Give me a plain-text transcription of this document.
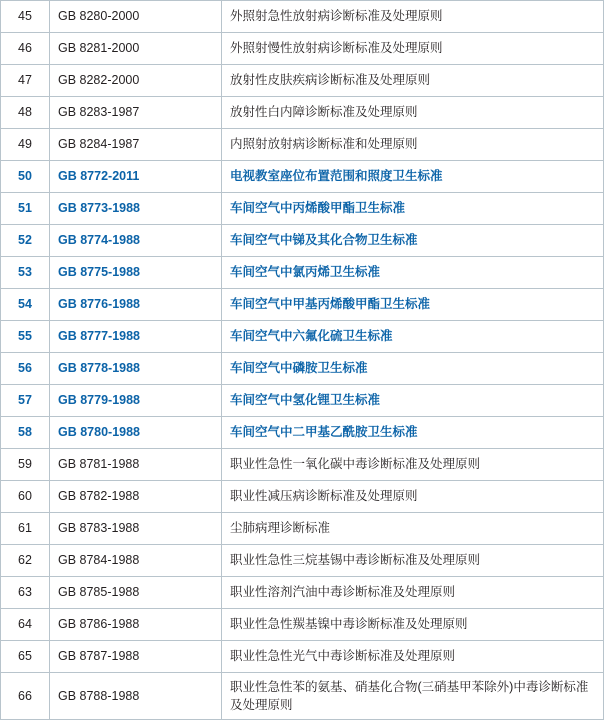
45	GB 8280-2000	外照射急性放射病诊断标准及处理原则
46	GB 8281-2000	外照射慢性放射病诊断标准及处理原则
47	GB 8282-2000	放射性皮肤疾病诊断标准及处理原则
48	GB 8283-1987	放射性白内障诊断标准及处理原则
49	GB 8284-1987	内照射放射病诊断标准和处理原则
50	GB 8772-2011	电视教室座位布置范围和照度卫生标准
51	GB 8773-1988	车间空气中丙烯酸甲酯卫生标准
52	GB 8774-1988	车间空气中锑及其化合物卫生标准
53	GB 8775-1988	车间空气中氯丙烯卫生标准
54	GB 8776-1988	车间空气中甲基丙烯酸甲酯卫生标准
55	GB 8777-1988	车间空气中六氟化硫卫生标准
56	GB 8778-1988	车间空气中磷胺卫生标准
57	GB 8779-1988	车间空气中氢化锂卫生标准
58	GB 8780-1988	车间空气中二甲基乙酰胺卫生标准
59	GB 8781-1988	职业性急性一氧化碳中毒诊断标准及处理原则
60	GB 8782-1988	职业性减压病诊断标准及处理原则
61	GB 8783-1988	尘肺病理诊断标准
62	GB 8784-1988	职业性急性三烷基锡中毒诊断标准及处理原则
63	GB 8785-1988	职业性溶剂汽油中毒诊断标准及处理原则
64	GB 8786-1988	职业性急性羰基镍中毒诊断标准及处理原则
65	GB 8787-1988	职业性急性光气中毒诊断标准及处理原则
66	GB 8788-1988	职业性急性苯的氨基、硝基化合物(三硝基甲苯除外)中毒诊断标准及处理原则
